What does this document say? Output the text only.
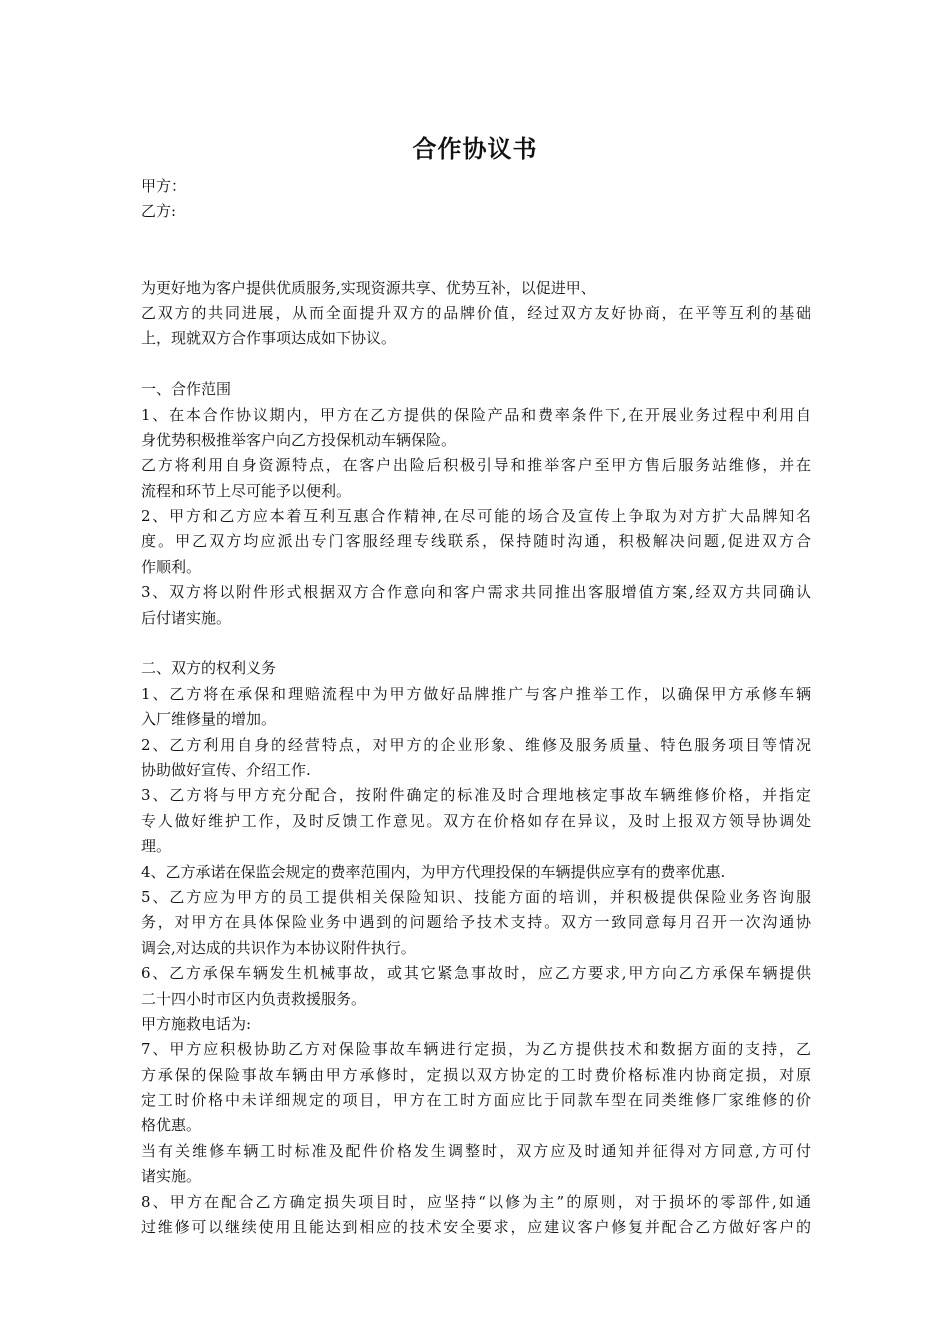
合作协议书
甲方：
乙方:
为更好地为客户提供优质服务,实现资源共享、优势互补，以促进甲、
乙双方的共同进展，从而全面提升双方的品牌价值，经过双方友好协商，在平等互利的基础
上，现就双方合作事项达成如下协议。
一、合作范围
1、在本合作协议期内，甲方在乙方提供的保险产品和费率条件下,在开展业务过程中利用自
身优势积极推举客户向乙方投保机动车辆保险。
乙方将利用自身资源特点，在客户出险后积极引导和推举客户至甲方售后服务站维修，并在
流程和环节上尽可能予以便利。
2、甲方和乙方应本着互利互惠合作精神,在尽可能的场合及宣传上争取为对方扩大品牌知名
度。甲乙双方均应派出专门客服经理专线联系，保持随时沟通，积极解决问题,促进双方合
作顺利。
3、双方将以附件形式根据双方合作意向和客户需求共同推出客服增值方案,经双方共同确认
后付诸实施。
二、双方的权利义务
1、乙方将在承保和理赔流程中为甲方做好品牌推广与客户推举工作，以确保甲方承修车辆
入厂维修量的增加。
2、乙方利用自身的经营特点，对甲方的企业形象、维修及服务质量、特色服务项目等情况
协助做好宣传、介绍工作.
3、乙方将与甲方充分配合，按附件确定的标准及时合理地核定事故车辆维修价格，并指定
专人做好维护工作，及时反馈工作意见。双方在价格如存在异议，及时上报双方领导协调处
理。
4、乙方承诺在保监会规定的费率范围内，为甲方代理投保的车辆提供应享有的费率优惠.
5、乙方应为甲方的员工提供相关保险知识、技能方面的培训，并积极提供保险业务咨询服
务，对甲方在具体保险业务中遇到的问题给予技术支持。双方一致同意每月召开一次沟通协
调会,对达成的共识作为本协议附件执行。
6、乙方承保车辆发生机械事故，或其它紧急事故时，应乙方要求,甲方向乙方承保车辆提供
二十四小时市区内负责救援服务。
甲方施救电话为:
7、甲方应积极协助乙方对保险事故车辆进行定损，为乙方提供技术和数据方面的支持，乙
方承保的保险事故车辆由甲方承修时，定损以双方协定的工时费价格标准内协商定损，对原
定工时价格中未详细规定的项目，甲方在工时方面应比于同款车型在同类维修厂家维修的价
格优惠。
当有关维修车辆工时标准及配件价格发生调整时，双方应及时通知并征得对方同意,方可付
诸实施。
8、甲方在配合乙方确定损失项目时，应坚持“以修为主”的原则，对于损坏的零部件,如通
过维修可以继续使用且能达到相应的技术安全要求，应建议客户修复并配合乙方做好客户的
